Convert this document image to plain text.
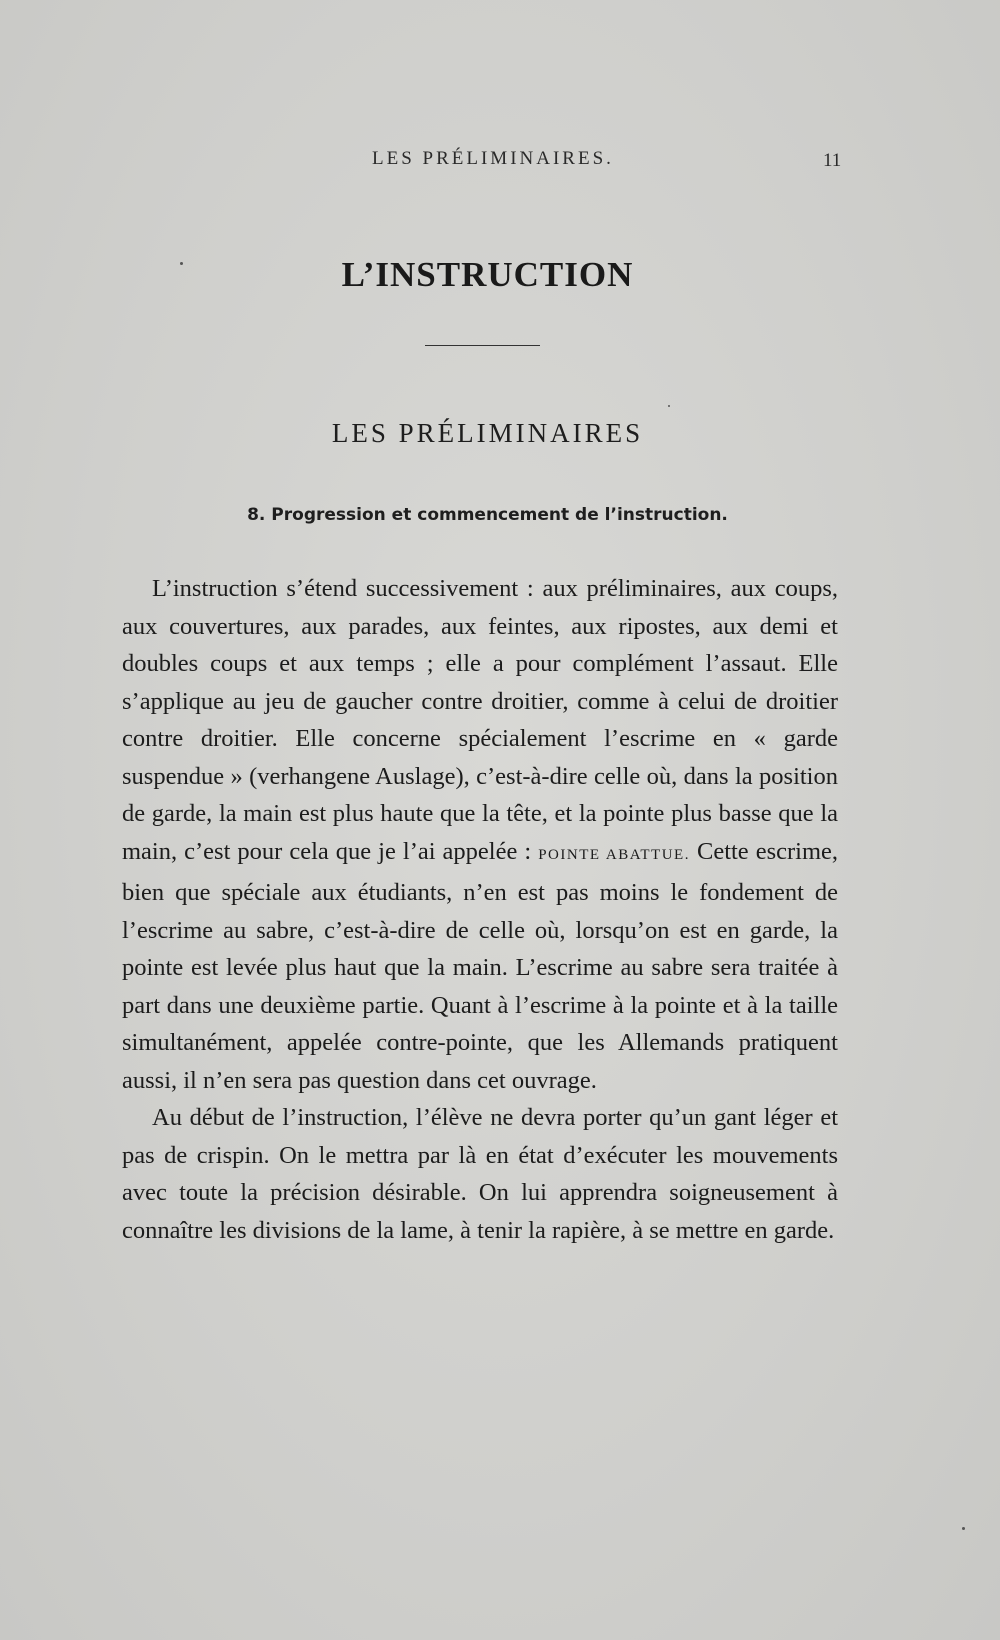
LES PRÉLIMINAIRES.	11
L’INSTRUCTION
LES PRÉLIMINAIRES
8. Progression et commencement de l’instruction.

L’instruction s’étend successivement : aux préliminaires, aux coups, aux couvertures, aux parades, aux feintes, aux ripostes, aux demi et doubles coups et aux temps ; elle a pour complément l’assaut. Elle s’applique au jeu de gaucher contre droitier, comme à celui de droitier contre droitier. Elle concerne spécialement l’escrime en « garde suspendue » (verhangene Auslage), c’est-à-dire celle où, dans la position de garde, la main est plus haute que la tête, et la pointe plus basse que la main, c’est pour cela que je l’ai appelée : POINTE ABATTUE. Cette escrime, bien que spéciale aux étudiants, n’en est pas moins le fondement de l’escrime au sabre, c’est-à-dire de celle où, lorsqu’on est en garde, la pointe est levée plus haut que la main. L’escrime au sabre sera traitée à part dans une deuxième partie. Quant à l’escrime à la pointe et à la taille simultanément, appelée contre-pointe, que les Allemands pratiquent aussi, il n’en sera pas question dans cet ouvrage.

Au début de l’instruction, l’élève ne devra porter qu’un gant léger et pas de crispin. On le mettra par là en état d’exécuter les mouvements avec toute la précision désirable. On lui apprendra soigneusement à connaître les divisions de la lame, à tenir la rapière, à se mettre en garde.
